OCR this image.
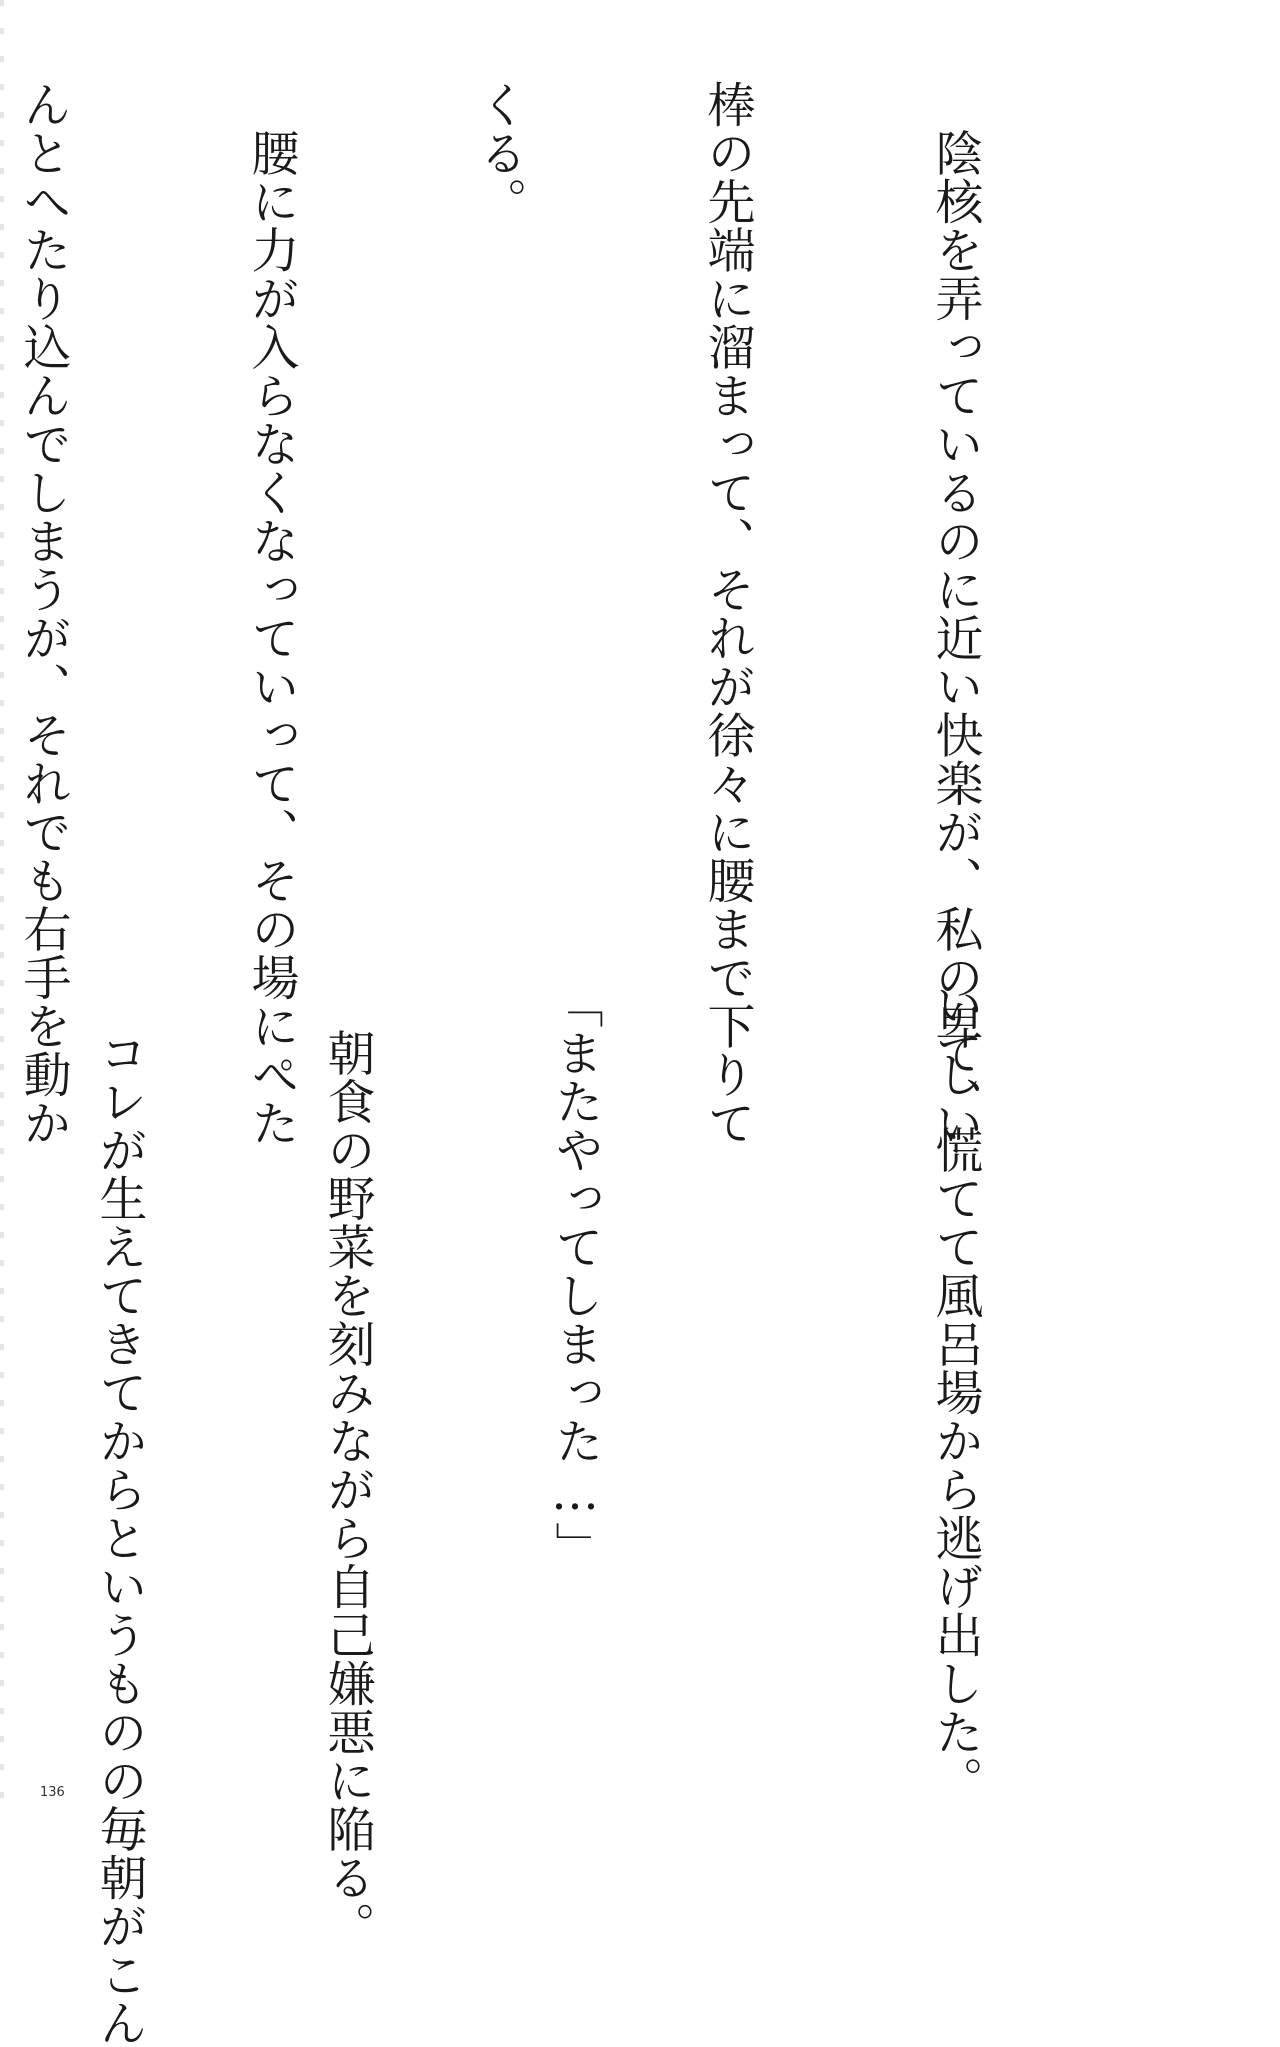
　陰核を弄っているのに近い快楽が、私の卑しい

棒の先端に溜まって、それが徐々に腰まで下りて

くる。

　腰に力が入らなくなっていって、その場にぺた

んとへたり込んでしまうが、それでも右手を動か

いて、慌てて風呂場から逃げ出した。

「またやってしまった…」

　朝食の野菜を刻みながら自己嫌悪に陥る。

　コレが生えてきてからというものの毎朝がこん

136
